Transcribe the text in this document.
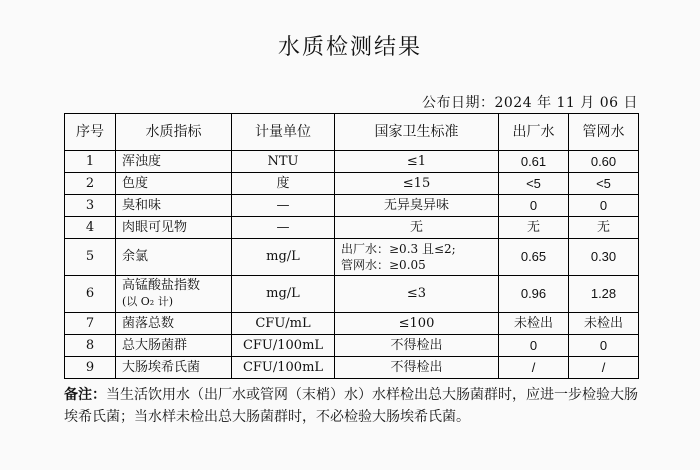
水质检测结果
公布日期：2024 年 11 月 06 日
序号	水质指标	计量单位	国家卫生标准	出厂水	管网水
1	浑浊度	NTU	≤1	0.61	0.60
2	色度	度	≤15	<5	<5
3	臭和味	—	无异臭异味	0	0
4	肉眼可见物	—	无	无	无
5	余氯	mg/L	出厂水：≥0.3 且≤2;
管网水：≥0.05	0.65	0.30
6	高锰酸盐指数
(以 O₂ 计)	mg/L	≤3	0.96	1.28
7	菌落总数	CFU/mL	≤100	未检出	未检出
8	总大肠菌群	CFU/100mL	不得检出	0	0
9	大肠埃希氏菌	CFU/100mL	不得检出	/	/
备注：当生活饮用水（出厂水或管网（末梢）水）水样检出总大肠菌群时，应进一步检验大肠埃希氏菌；当水样未检出总大肠菌群时，不必检验大肠埃希氏菌。
